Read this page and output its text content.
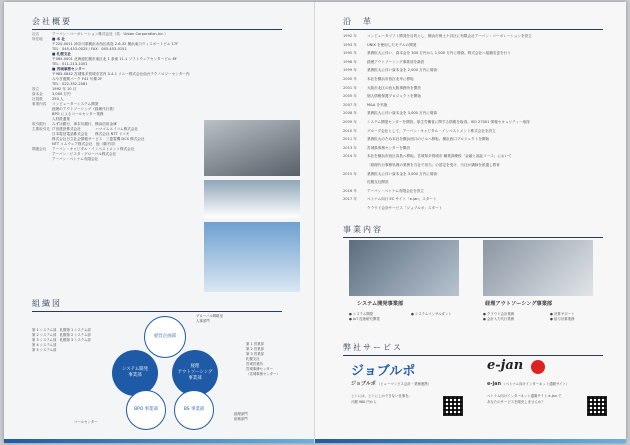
会社概要
社名	アーバン・コーポレーション株式会社（英：Urban Corporation,Inc.）
所在地	■ 本 社
〒220-0011 神奈川県横浜市西区高島 2-6-32 横浜東口ウィスポートビル 17F
TEL：045-453-0025 / FAX：045-453-0151
■ 札幌支社
〒065-0001 北海道札幌市東区北 1 条東 11-1 ソフトウェアセンタービル 6F
TEL：011-213-1001
■ 宮城事務センター
〒985-0842 宮城県多賀城市宮内 3-4-1 ソニー株式会社仙台テクノロジーセンター内
みやぎ復興パーク F41 号棟 2F
TEL：022-352-2581
設立	1992 年 10 月
資本金	3,000 万円
社員数	250 人
事業内容	コンピューターシステム開発
経理のアウトソーシング（経理代行業）
BPO によるコールセンター業務
人材派遣業
取引銀行	みずほ銀行、神奈川銀行、横浜信用金庫
主要取引先 戸田建設株式会社　　　　ハマゴムエイコム株式会社
日本電信電話株式会社　　株式会社 NTT ドコモ
株式会社日立社会情報サービス　三菱電機 DCS 株式会社
NTT コムウェア株式会社　他（順不同）
関連会社	アーバン・キャピタル・インベストメント株式会社
アーバン・ビスタ・グローバル株式会社
アーバン・ベトナム有限会社
組織図
経営企画部
システム開発
事業部
経理
アウトソーシング
事業部
BPO 事業部	BS 事業部
第 1 システム部　札幌第 1 システム部
第 2 システム部　札幌第 2 システム部
第 3 システム部　札幌第 3 システム部
第 4 システム部
第 5 システム部
グローバル戦略室
人事部門
第 1 営業部
第 2 営業部
第 3 営業部
札幌支社
宮城営業所
宮城事務センター
（宮城事務センター）
コールセンター
経理部門
総務部門
沿　革
1992 年	コンピュータソフト開発を目的とし、横浜市保土ケ谷区に有限会社アーバン・コーポレーションを設立
1993 年	UNIX を使用したモデルの開発
1995 年	業務拡大に伴い、資本金を 300 万円から 1,000 万円に増資。株式会社へ組織変更を行う
1998 年	経理アウトソーシング事業部を新設
1999 年	業務拡大に伴い資本金を 2,000 万円に増資
2000 年	本社を横浜市西区北幸に移転
2001 年	大阪市北区の西大阪事務所を開設
2005 年	個人情報保護プロジェクトを開始
2007 年	M&A を実施
2008 年	業務拡大に伴い資本金を 3,000 万円に増資
2009 年	システム開発センターを開設。厚生労働省に関する情報を取得。ISO 27001 情報セキュリティー取得
2010 年	グループ会社として、アーバン・キャピタル・インベストメント株式会社を設立
2011 年	業務拡大のため本社を横浜西口のビルへ移転。横浜西口プロジェクトを開始
2013 年	宮城県事務センターを開設
2014 年	本社を横浜市西区高島へ移転。宮城県多賀城市 職業訓練校「金融と福祉コース」において
「経理代行事務処理の業務を当社で担当」の認定を受け、当社が講師を派遣し教育
2015 年	業務拡大に伴い資本金を 3,000 万円に増資
札幌支社開設
2016 年	アーバン・ベトナム有限会社を設立
2017 年	ベトナム向け EC サイト「e-jan」スタート
クラウド会計サービス「ジョブルポ」スタート
事業内容
システム開発事業部	経理アウトソーシング事業部
● システム開発	● システムコンサルタント
● IoT 技術研究開発
● クラウド会計業務	● 決算サポート
● 会計入力代行業務	● 給与計算業務
弊社サービス
ジョブルポ
ジョブルポ （ヒューマンビス会計・業務連携）
ヒトには、ヒトにしかできない仕事を。
月額 980 円から
e-jan
e-jan （ベトナム向けインターネット通販サイト）
ベトナム向けインターネット通販サイト e-jan で
あなたのサービスを販売しませんか？
